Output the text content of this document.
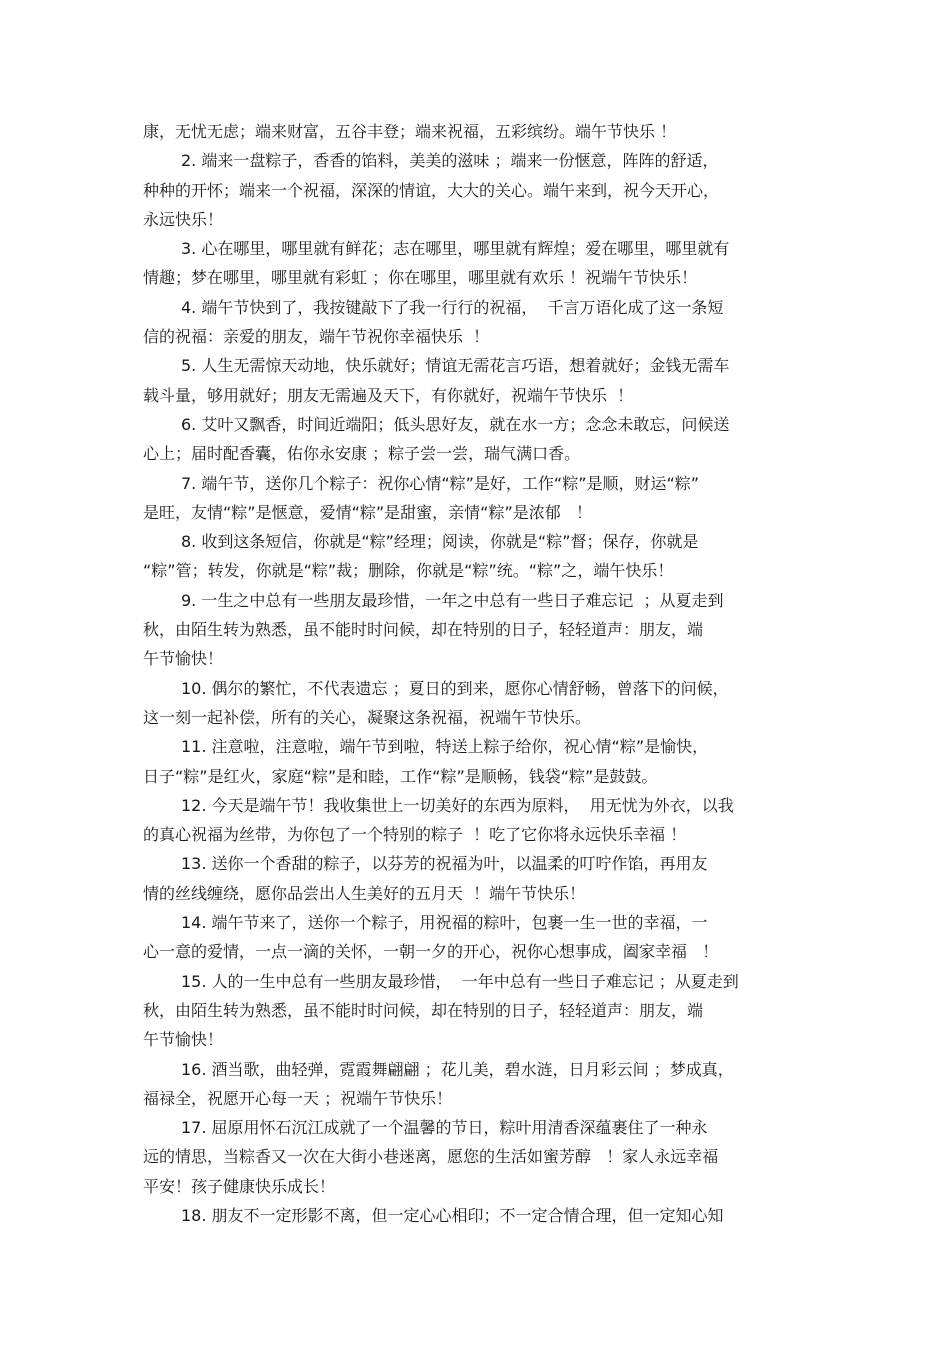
康，无忧无虑；端来财富，五谷丰登；端来祝福，五彩缤纷。端午节快乐 ！
2. 端来一盘粽子，香香的馅料，美美的滋味 ；端来一份惬意，阵阵的舒适，
种种的开怀；端来一个祝福，深深的情谊，大大的关心。端午来到，祝今天开心，
永远快乐！
3. 心在哪里，哪里就有鲜花；志在哪里，哪里就有辉煌；爱在哪里，哪里就有
情趣；梦在哪里，哪里就有彩虹 ；你在哪里，哪里就有欢乐 ！祝端午节快乐！
4. 端午节快到了，我按键敲下了我一行行的祝福，  千言万语化成了这一条短
信的祝福：亲爱的朋友，端午节祝你幸福快乐  ！
5. 人生无需惊天动地，快乐就好；情谊无需花言巧语，想着就好；金钱无需车
载斗量，够用就好；朋友无需遍及天下，有你就好，祝端午节快乐  ！
6. 艾叶又飘香，时间近端阳；低头思好友，就在水一方；念念未敢忘，问候送
心上；届时配香囊，佑你永安康 ；粽子尝一尝，瑞气满口香。
7. 端午节，送你几个粽子：祝你心情“粽”是好，工作“粽”是顺，财运“粽”
是旺，友情“粽”是惬意，爱情“粽”是甜蜜，亲情“粽”是浓郁   ！
8. 收到这条短信，你就是“粽”经理；阅读，你就是“粽”督；保存，你就是
“粽”管；转发，你就是“粽”裁；删除，你就是“粽”统。“粽”之，端午快乐！
9. 一生之中总有一些朋友最珍惜，一年之中总有一些日子难忘记  ；从夏走到
秋，由陌生转为熟悉，虽不能时时问候，却在特别的日子，轻轻道声：朋友，端
午节愉快！
10. 偶尔的繁忙，不代表遗忘 ；夏日的到来，愿你心情舒畅，曾落下的问候，
这一刻一起补偿，所有的关心，凝聚这条祝福，祝端午节快乐。
11. 注意啦，注意啦，端午节到啦，特送上粽子给你，祝心情“粽”是愉快，
日子“粽”是红火，家庭“粽”是和睦，工作“粽”是顺畅，钱袋“粽”是鼓鼓。
12. 今天是端午节！我收集世上一切美好的东西为原料，  用无忧为外衣，以我
的真心祝福为丝带，为你包了一个特别的粽子  ！吃了它你将永远快乐幸福 ！
13. 送你一个香甜的粽子，以芬芳的祝福为叶，以温柔的叮咛作馅，再用友
情的丝线缠绕，愿你品尝出人生美好的五月天  ！端午节快乐！
14. 端午节来了，送你一个粽子，用祝福的粽叶，包裹一生一世的幸福，一
心一意的爱情，一点一滴的关怀，一朝一夕的开心，祝你心想事成，阖家幸福   ！
15. 人的一生中总有一些朋友最珍惜，  一年中总有一些日子难忘记 ；从夏走到
秋，由陌生转为熟悉，虽不能时时问候，却在特别的日子，轻轻道声：朋友，端
午节愉快！
16. 酒当歌，曲轻弹，霓霞舞翩翩 ；花儿美，碧水涟，日月彩云间 ；梦成真，
福禄全，祝愿开心每一天 ；祝端午节快乐！
17. 屈原用怀石沉江成就了一个温馨的节日，粽叶用清香深蕴裹住了一种永
远的情思，当粽香又一次在大街小巷迷离，愿您的生活如蜜芳醇   ！家人永远幸福
平安！孩子健康快乐成长！
18. 朋友不一定形影不离，但一定心心相印；不一定合情合理，但一定知心知
